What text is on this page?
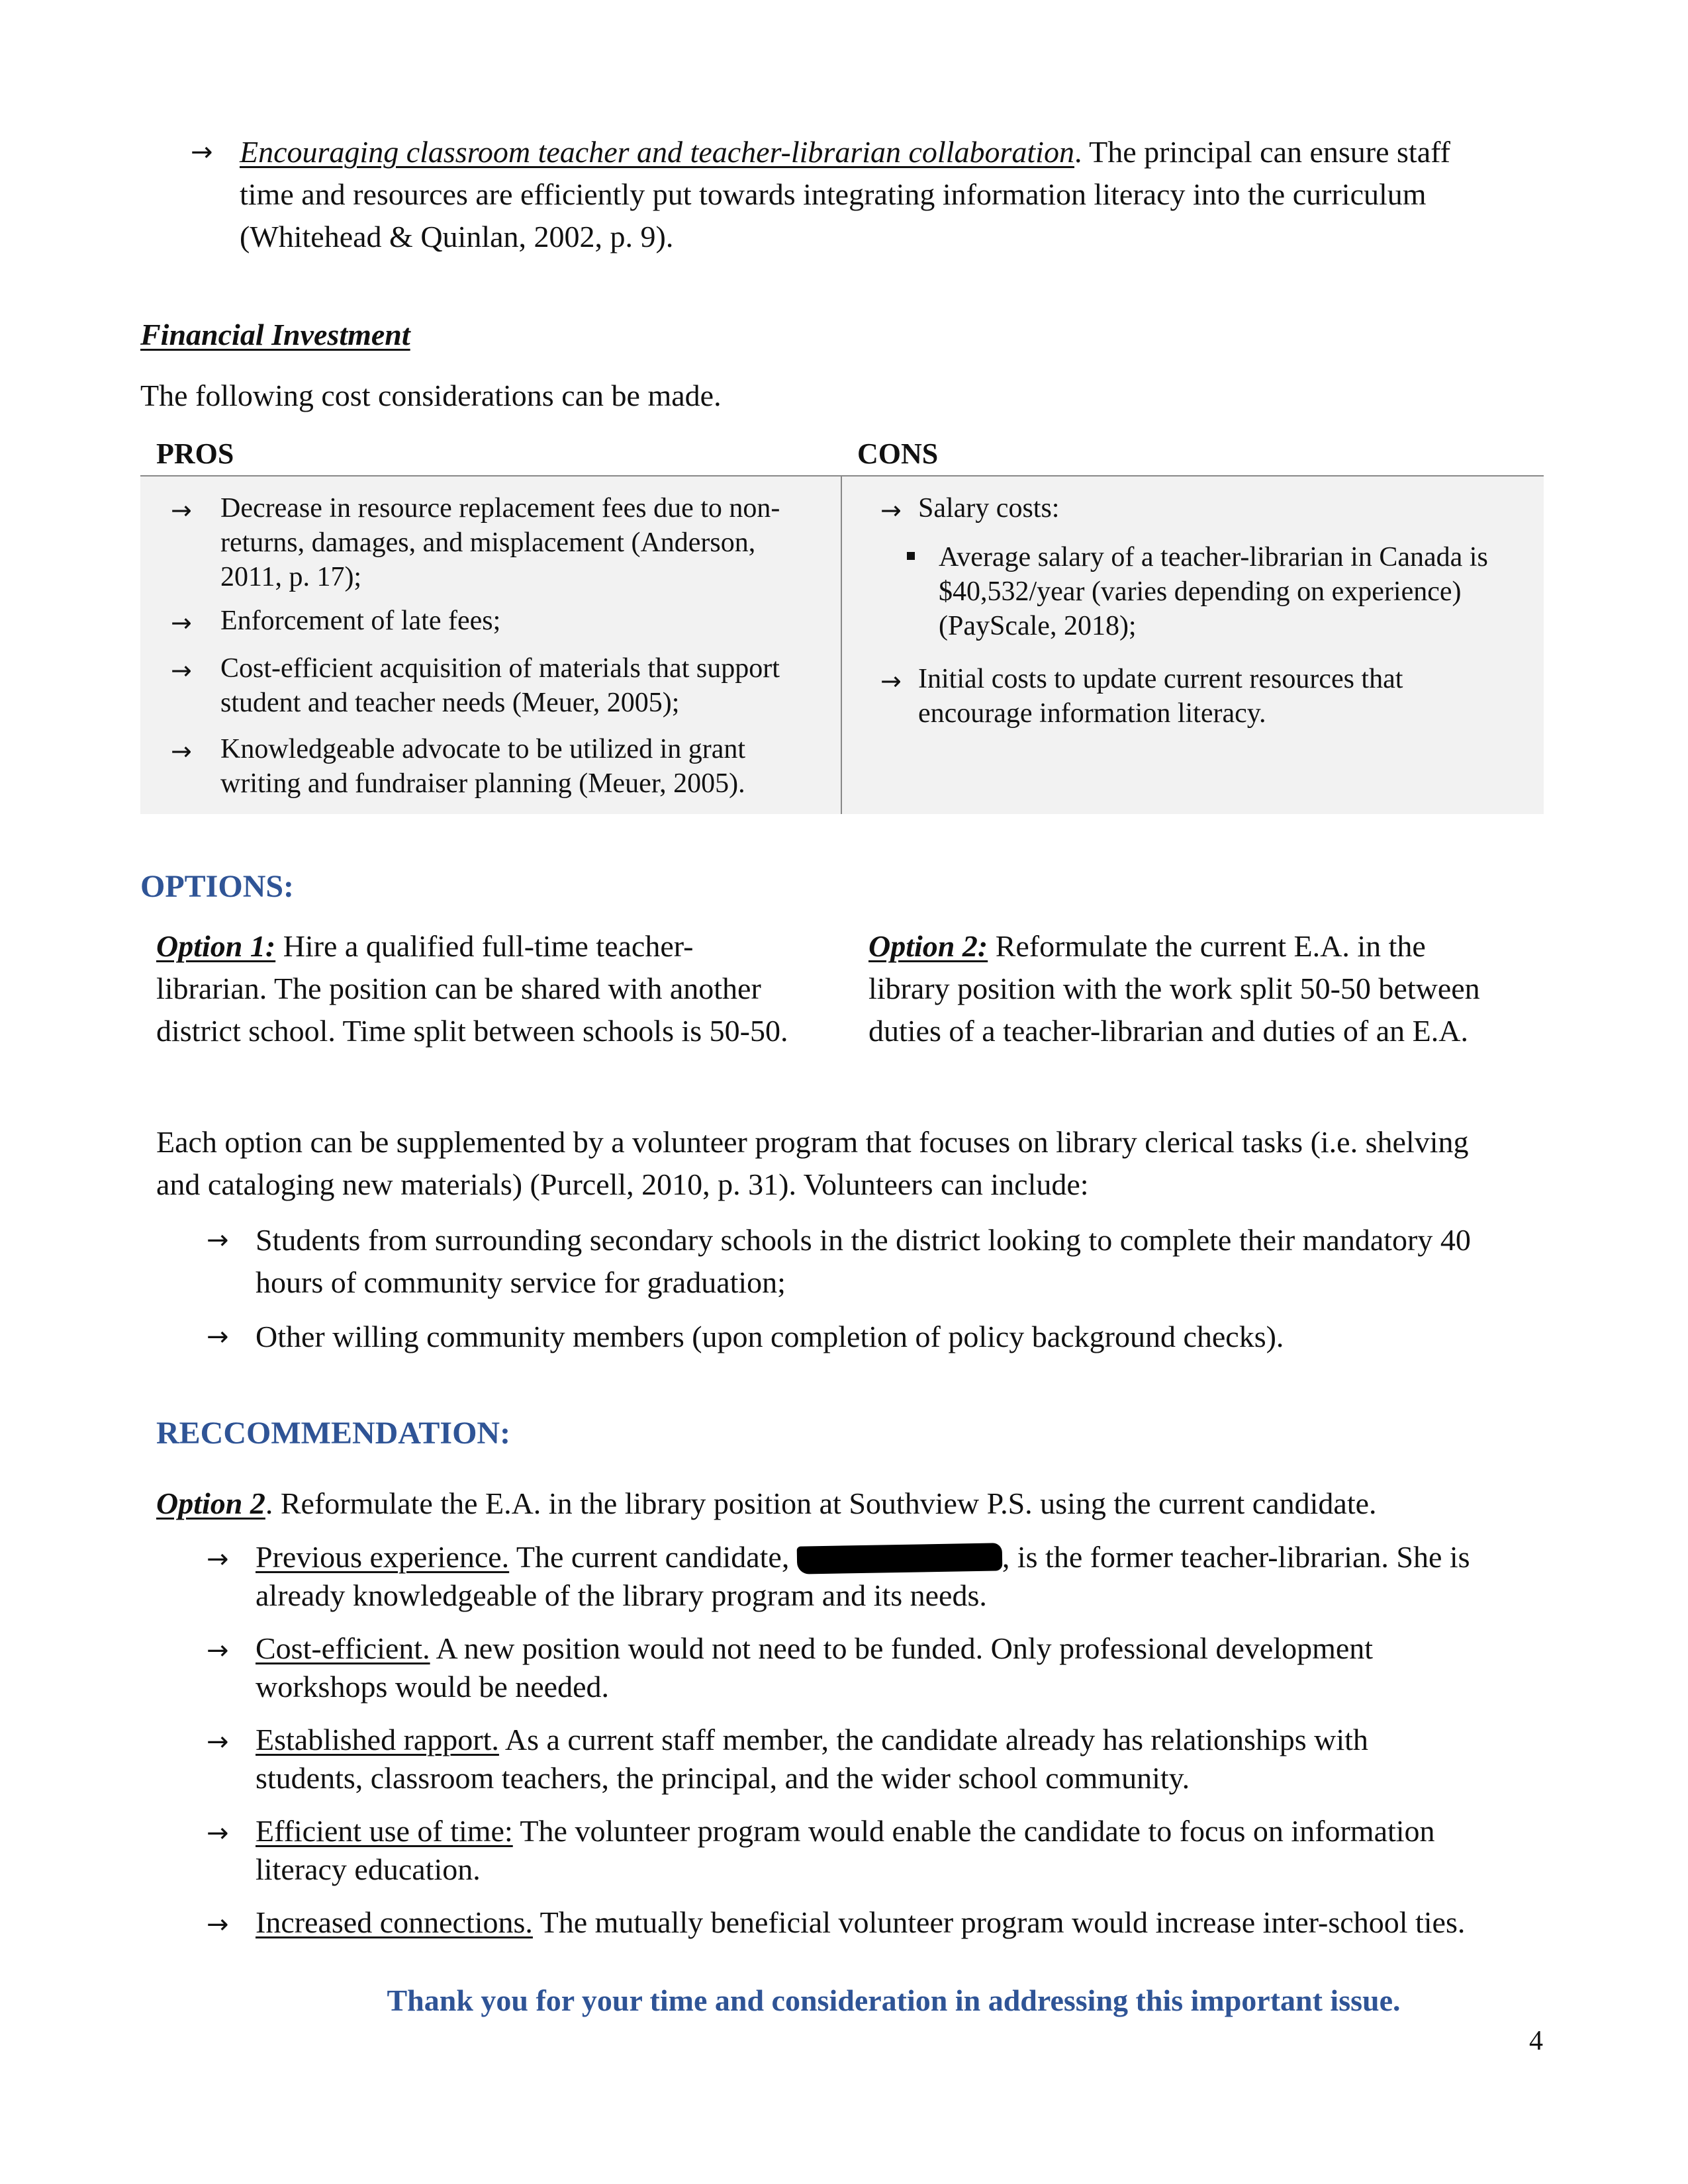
→ Encouraging classroom teacher and teacher-librarian collaboration. The principal can ensure staff
time and resources are efficiently put towards integrating information literacy into the curriculum
(Whitehead & Quinlan, 2002, p. 9).
Financial Investment
The following cost considerations can be made.
PROS	CONS
→ Decrease in resource replacement fees due to non-
returns, damages, and misplacement (Anderson,
2011, p. 17);
→ Enforcement of late fees;
→ Cost-efficient acquisition of materials that support
student and teacher needs (Meuer, 2005);
→ Knowledgeable advocate to be utilized in grant
writing and fundraiser planning (Meuer, 2005).
→ Salary costs:
Average salary of a teacher-librarian in Canada is
$40,532/year (varies depending on experience)
(PayScale, 2018);
→ Initial costs to update current resources that
encourage information literacy.
OPTIONS:
Option 1: Hire a qualified full-time teacher-
librarian. The position can be shared with another
district school. Time split between schools is 50-50.
Option 2: Reformulate the current E.A. in the
library position with the work split 50-50 between
duties of a teacher-librarian and duties of an E.A.
Each option can be supplemented by a volunteer program that focuses on library clerical tasks (i.e. shelving
and cataloging new materials) (Purcell, 2010, p. 31). Volunteers can include:
→ Students from surrounding secondary schools in the district looking to complete their mandatory 40
hours of community service for graduation;
→ Other willing community members (upon completion of policy background checks).
RECCOMMENDATION:
Option 2. Reformulate the E.A. in the library position at Southview P.S. using the current candidate.
→ Previous experience. The current candidate,	, is the former teacher-librarian. She is
already knowledgeable of the library program and its needs.
→ Cost-efficient. A new position would not need to be funded. Only professional development
workshops would be needed.
→ Established rapport. As a current staff member, the candidate already has relationships with
students, classroom teachers, the principal, and the wider school community.
→ Efficient use of time: The volunteer program would enable the candidate to focus on information
literacy education.
→ Increased connections. The mutually beneficial volunteer program would increase inter-school ties.
Thank you for your time and consideration in addressing this important issue.
4
